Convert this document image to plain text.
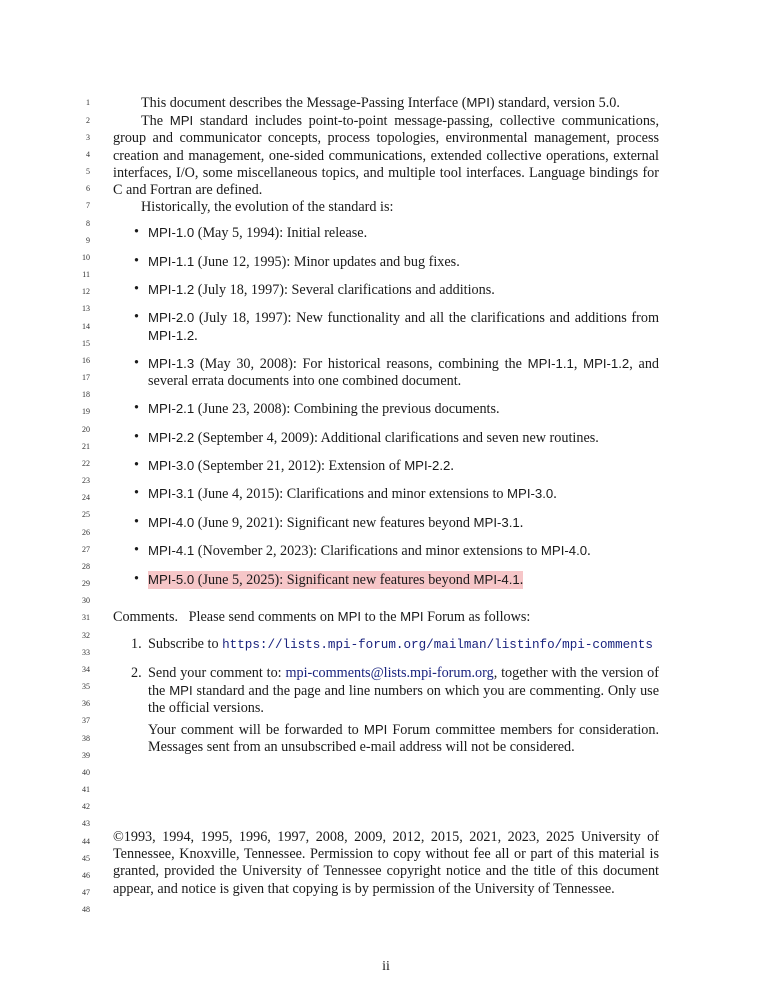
1
2
3
4
5
6
7
8
9
10
11
12
13
14
15
16
17
18
19
20
21
22
23
24
25
26
27
28
29
30
31
32
33
34
35
36
37
38
39
40
41
42
43
44
45
46
47
48

This document describes the Message-Passing Interface (MPI) standard, version 5.0.

The MPI standard includes point-to-point message-passing, collective communications, group and communicator concepts, process topologies, environmental management, process creation and management, one-sided communications, extended collective operations, external interfaces, I/O, some miscellaneous topics, and multiple tool interfaces. Language bindings for C and Fortran are defined.

Historically, the evolution of the standard is:

• MPI-1.0 (May 5, 1994): Initial release.
• MPI-1.1 (June 12, 1995): Minor updates and bug fixes.
• MPI-1.2 (July 18, 1997): Several clarifications and additions.
• MPI-2.0 (July 18, 1997): New functionality and all the clarifications and additions from MPI-1.2.
• MPI-1.3 (May 30, 2008): For historical reasons, combining the MPI-1.1, MPI-1.2, and several errata documents into one combined document.
• MPI-2.1 (June 23, 2008): Combining the previous documents.
• MPI-2.2 (September 4, 2009): Additional clarifications and seven new routines.
• MPI-3.0 (September 21, 2012): Extension of MPI-2.2.
• MPI-3.1 (June 4, 2015): Clarifications and minor extensions to MPI-3.0.
• MPI-4.0 (June 9, 2021): Significant new features beyond MPI-3.1.
• MPI-4.1 (November 2, 2023): Clarifications and minor extensions to MPI-4.0.
• MPI-5.0 (June 5, 2025): Significant new features beyond MPI-4.1.

Comments. Please send comments on MPI to the MPI Forum as follows:

1. Subscribe to https://lists.mpi-forum.org/mailman/listinfo/mpi-comments
2. Send your comment to: mpi-comments@lists.mpi-forum.org, together with the version of the MPI standard and the page and line numbers on which you are commenting. Only use the official versions.
Your comment will be forwarded to MPI Forum committee members for consideration. Messages sent from an unsubscribed e-mail address will not be considered.

©1993, 1994, 1995, 1996, 1997, 2008, 2009, 2012, 2015, 2021, 2023, 2025 University of Tennessee, Knoxville, Tennessee. Permission to copy without fee all or part of this material is granted, provided the University of Tennessee copyright notice and the title of this document appear, and notice is given that copying is by permission of the University of Tennessee.

ii
